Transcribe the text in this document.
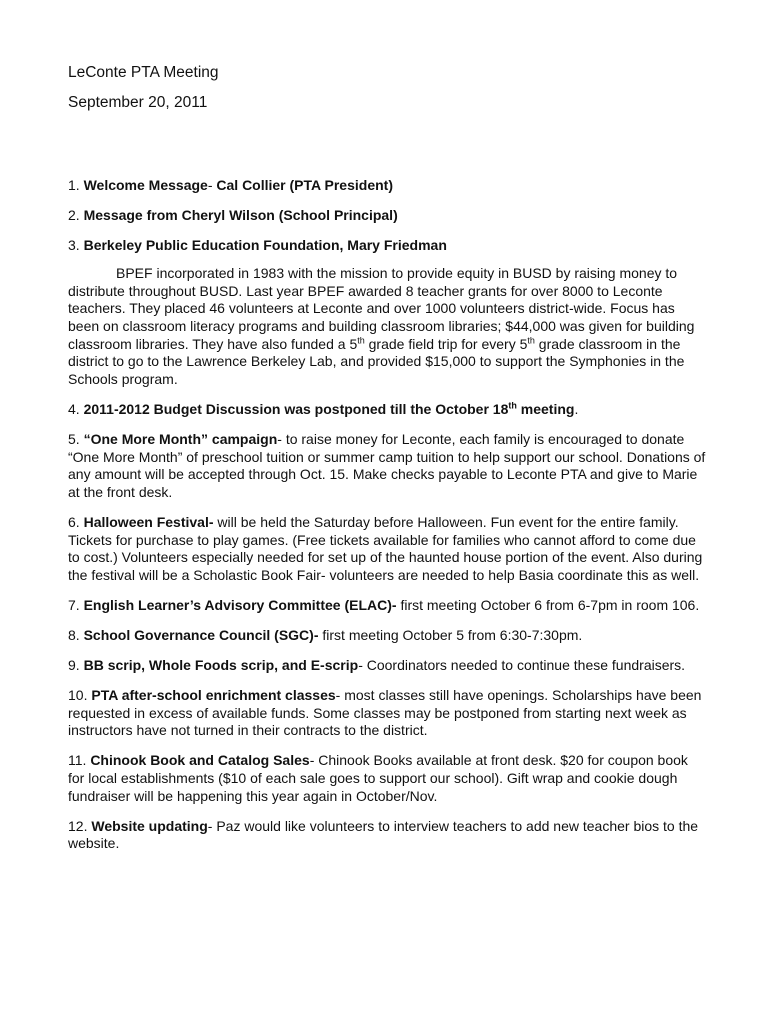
LeConte PTA Meeting
September 20, 2011
1. Welcome Message- Cal Collier (PTA President)
2. Message from Cheryl Wilson (School Principal)
3. Berkeley Public Education Foundation, Mary Friedman
BPEF incorporated in 1983 with the mission to provide equity in BUSD by raising money to distribute throughout BUSD. Last year BPEF awarded 8 teacher grants for over 8000 to Leconte teachers. They placed 46 volunteers at Leconte and over 1000 volunteers district-wide. Focus has been on classroom literacy programs and building classroom libraries; $44,000 was given for building classroom libraries. They have also funded a 5th grade field trip for every 5th grade classroom in the district to go to the Lawrence Berkeley Lab, and provided $15,000 to support the Symphonies in the Schools program.
4. 2011-2012 Budget Discussion was postponed till the October 18th meeting.
5. “One More Month” campaign- to raise money for Leconte, each family is encouraged to donate “One More Month” of preschool tuition or summer camp tuition to help support our school. Donations of any amount will be accepted through Oct. 15. Make checks payable to Leconte PTA and give to Marie at the front desk.
6. Halloween Festival- will be held the Saturday before Halloween. Fun event for the entire family. Tickets for purchase to play games. (Free tickets available for families who cannot afford to come due to cost.) Volunteers especially needed for set up of the haunted house portion of the event. Also during the festival will be a Scholastic Book Fair- volunteers are needed to help Basia coordinate this as well.
7. English Learner’s Advisory Committee (ELAC)- first meeting October 6 from 6-7pm in room 106.
8. School Governance Council (SGC)- first meeting October 5 from 6:30-7:30pm.
9. BB scrip, Whole Foods scrip, and E-scrip- Coordinators needed to continue these fundraisers.
10. PTA after-school enrichment classes- most classes still have openings. Scholarships have been requested in excess of available funds. Some classes may be postponed from starting next week as instructors have not turned in their contracts to the district.
11. Chinook Book and Catalog Sales- Chinook Books available at front desk. $20 for coupon book for local establishments ($10 of each sale goes to support our school). Gift wrap and cookie dough fundraiser will be happening this year again in October/Nov.
12. Website updating- Paz would like volunteers to interview teachers to add new teacher bios to the website.
